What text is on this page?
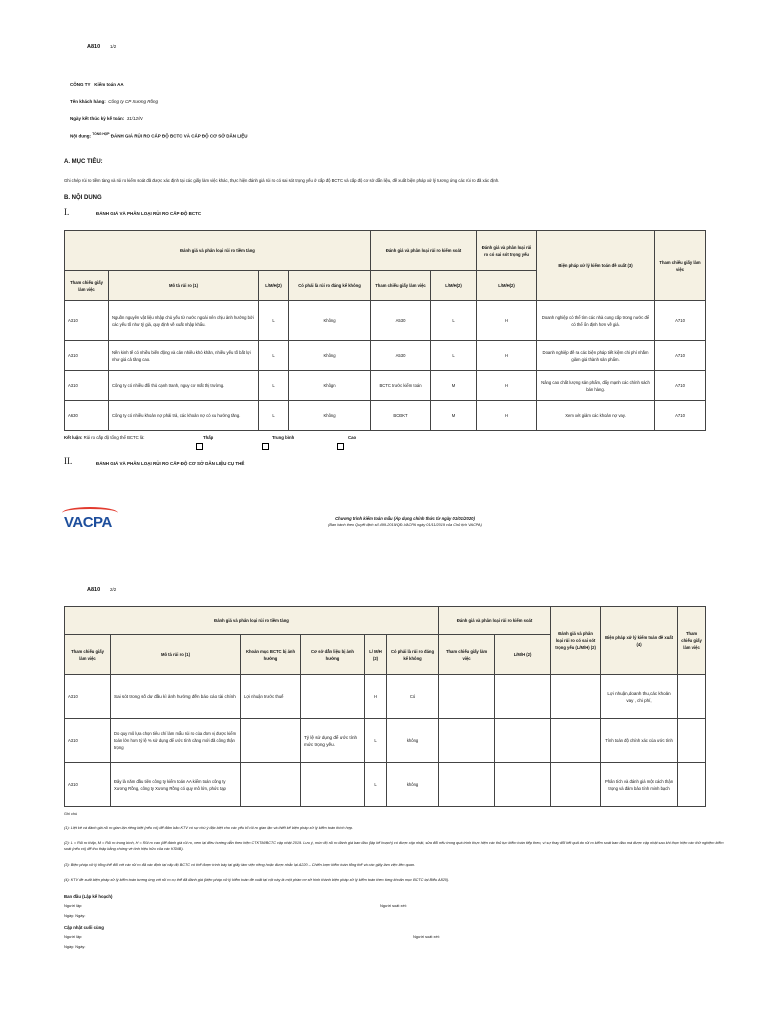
A810 1/2
CÔNG TY Kiểm toán AA
Tên khách hàng: Công ty CP Xương Rồng
Ngày kết thúc kỳ kế toán: 31/12/N
Nội dung: $^{TỔNG HỢP}$ ĐÁNH GIÁ RỦI RO CẤP ĐỘ BCTC VÀ CẤP ĐỘ CƠ SỞ DẪN LIỆU
A. MỤC TIÊU:
Ghi chép rủi ro tiềm tàng và rủi ro kiểm soát đã được xác định tại các giấy làm việc khác, thực hiện đánh giá rủi ro có sai sót trọng yếu ở cấp độ BCTC và cấp độ cơ sở dẫn liệu, đề xuất biện pháp xử lý tương ứng các rủi ro đã xác định.
B. NỘI DUNG
I.	ĐÁNH GIÁ VÀ PHÂN LOẠI RỦI RO CẤP ĐỘ BCTC
Đánh giá và phân loại rủi ro tiềm tàng				Đánh giá và phân loại rủi ro kiểm soát		Đánh giá và phân loại rủi ro có sai sót trọng yếu	Biện pháp xử lý kiểm toán đề xuất (3)	Tham chiếu giấy làm việc
Tham chiếu giấy làm việc	Mô tả rủi ro (1)	L/M/H(2)	Có phải là rủi ro đáng kể không	Tham chiếu giấy làm việc	L/M/H(2)	L/M/H(2)		
A310	Nguồn nguyên vật liệu nhập chủ yếu từ nước ngoài nên chịu ảnh hưởng bởi các yếu tố như tỷ giá, quy định về xuất nhập khẩu.	L	Không	A530	L	H	Doanh nghiệp có thể tìm các nhà cung cấp trong nước để có thể ổn định hơn về giá.	A710
A310	Nền kinh tế có nhiều biến động và cản nhiều khó khăn, nhiều yếu tố bất lợi như giá cả tăng cao.	L	Không	A530	L	H	Doanh nghiệp đề ra các biện pháp tiết kiệm chi phí nhằm giảm giá thành sản phẩm.	A710
A310	Công ty có nhiều đối thủ cạnh tranh, nguy cơ mất thị trường.	L	Khôgn	BCTC trước kiểm toán	M	H	Nâng cao chất lượng sản phẩm, đẩy mạnh các chính sách bán hàng.	A710
A630	Công ty có nhiều khoản nợ phải trả, các khoản nợ có xu hướng tăng.	L	Không	BCĐKT	M	H	Xem xét giảm các khoản nợ vay.	A710
Kết luận: Rủi ro cấp độ tổng thể BCTC là:	Thấp	Trung bình	Cao
II.	ĐÁNH GIÁ VÀ PHÂN LOẠI RỦI RO CẤP ĐỘ CƠ SỞ DẪN LIỆU CỤ THỂ
VACPA	Chương trình kiểm toán mẫu (Áp dụng chính thức từ ngày 01/01/2020)
(Ban hành theo Quyết định số 499-2019/QĐ-VACPA ngày 01/11/2019 của Chủ tịch VACPA)
A810 2/2
Đánh giá và phân loại rủi ro tiềm tàng						Đánh giá và phân loại rủi ro kiểm soát		Đánh giá và phân loại rủi ro có sai sót trọng yếu (L/M/H) (2)	Biện pháp xử lý kiểm toán đề xuất (4)	Tham chiếu giấy làm việc
Tham chiếu giấy làm việc	Mô tả rủi ro (1)	Khoản mục BCTC bị ảnh hưởng	Cơ sở dẫn liệu bị ảnh hưởng	L/ M/H (2)	Có phải là rủi ro đáng kể không	Tham chiếu giấy làm việc	L/M/H (2)			
A310	Sai sót trong số dư đầu kì ảnh hưởng đến báo cáo tài chính	Lợi nhuận trước thuế		H	Có				Lợi nhuận,doanh thu,các khoản vay , chi phí,	
A310	Do quy mô lựa chọn tiêu chí làm mẫu rủi ro của đơn vị được kiểm toán lớn hơn tỷ lệ % sử dụng để ước tính căng mới đã công thận trọng		Tỷ lệ sử dụng để ước tính mức trọng yếu.	L	không				Tính toán độ chính xác của ước tính	
A310	Đây là năm đầu tiên công ty kiểm toán AA kiểm toán công ty Xương Rồng, công ty Xương Rồng có quy mô lớn, phức tạp			L	không				Phân tích và đánh giá một cách thận trọng và đảm bảo tính minh bạch	
Ghi chú
(1): Liệt kê và đánh giá rủi ro gian lận riêng biệt (nếu có) để đảm bảo KTV có sự chú ý đặc biệt cho các yếu tố rủi ro gian lận và thiết kế biện pháp xử lý kiểm toán thích hợp.
(2): L = Rủi ro thấp, M = Rủi ro trung bình, H = Rủi ro cao (để đánh giá rủi ro, xem lại điều hướng dẫn theo hiện CTKTM/BCTC cập nhật 2019. Lưu ý, mức độ rủi ro đánh giá ban đầu (lập kế hoạch) có được cập nhật, sửa đổi nếu trong quá trình thực hiện các thủ tục kiểm toán tiếp theo, vì sự thay đổi kết quả do rủi ro kiểm soát ban đầu mà được cập nhật sau khi thực hiện các thử nghiệm kiểm soát (nếu có) để thu thập bằng chứng về tính hiệu hữu của các KSNB).
(3): Biện pháp xử lý tổng thể đối với các rủi ro đã xác định tại cấp độ BCTC có thể được trình bày tại giấy làm việc riêng hoặc được nhắc lại A220 – Chiến lược kiểm toán tổng thể và các giấy làm việc liên quan.
(4): KTV đề xuất biện pháp xử lý kiểm toán tương ứng với rủi ro cụ thể đã đánh giá (biện pháp xử lý kiểm toán đề xuất tại cột này là một phần cơ sở hình thành biện pháp xử lý kiểm toán theo từng khoản mục BCTC tại Biểu A820).
Ban đầu (Lập kế hoạch)
Người lập:	Người soát xét:
Ngày: Ngày:
Cập nhật cuối cùng
Người lập:	Người soát xét:
Ngày: Ngày:
